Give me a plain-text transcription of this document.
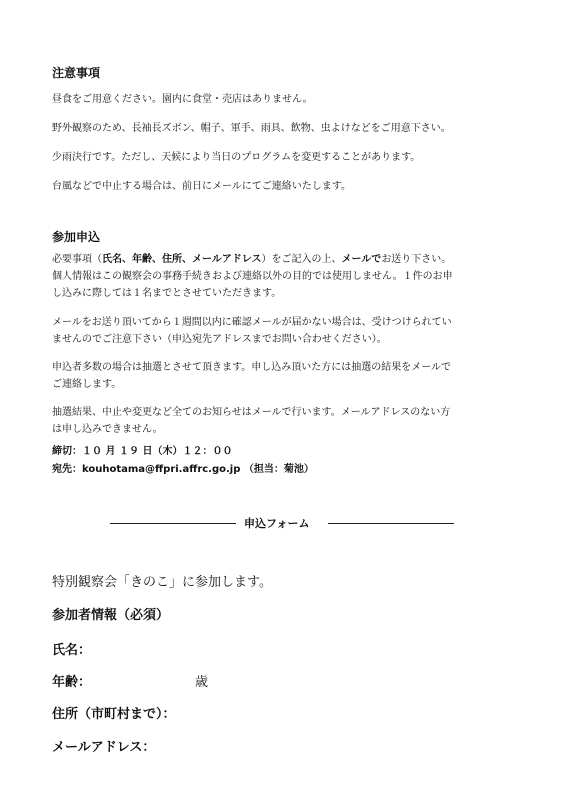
注意事項
昼食をご用意ください。園内に食堂・売店はありません。
野外観察のため、長袖長ズボン、帽子、軍手、雨具、飲物、虫よけなどをご用意下さい。
少雨決行です。ただし、天候により当日のプログラムを変更することがあります。
台風などで中止する場合は、前日にメールにてご連絡いたします。
参加申込
必要事項（氏名、年齢、住所、メールアドレス）をご記入の上、メールでお送り下さい。
個人情報はこの観察会の事務手続きおよび連絡以外の目的では使用しません。１件のお申
し込みに際しては１名までとさせていただきます。
メールをお送り頂いてから１週間以内に確認メールが届かない場合は、受けつけられてい
ませんのでご注意下さい（申込宛先アドレスまでお問い合わせください）。
申込者多数の場合は抽選とさせて頂きます。申し込み頂いた方には抽選の結果をメールで
ご連絡します。
抽選結果、中止や変更など全てのお知らせはメールで行います。メールアドレスのない方
は申し込みできません。
締切：１０ 月 １９ 日（木）１２：００
宛先：kouhotama@ffpri.affrc.go.jp （担当：菊池）
申込フォーム
特別観察会「きのこ」に参加します。
参加者情報（必須）
氏名：
年齢：	歳
住所（市町村まで）：
メールアドレス：
